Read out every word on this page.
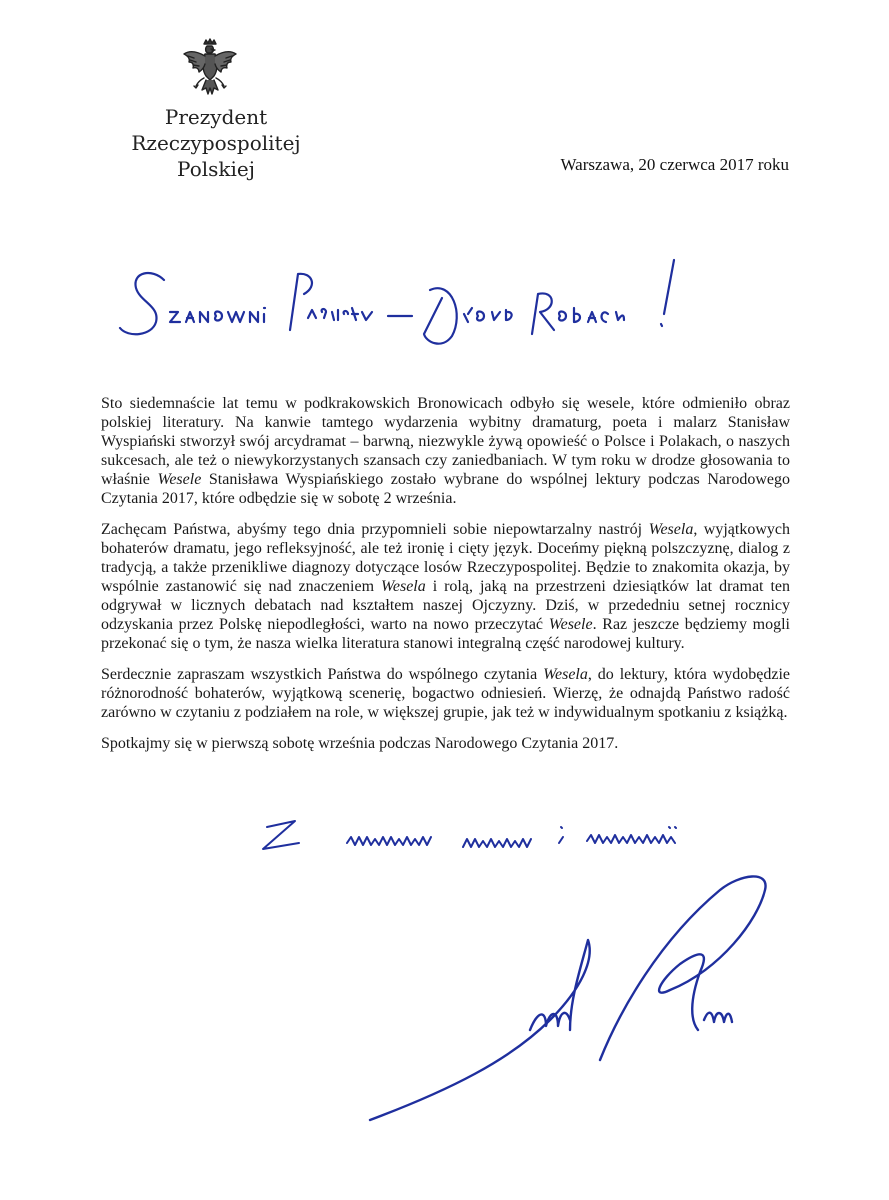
Prezydent
Rzeczypospolitej Polskiej	Warszawa, 20 czerwca 2017 roku

Sto siedemnaście lat temu w podkrakowskich Bronowicach odbyło się wesele, które odmieniło obraz polskiej literatury. Na kanwie tamtego wydarzenia wybitny dramaturg, poeta i malarz Stanisław Wyspiański stworzył swój arcydramat – barwną, niezwykle żywą opowieść o Polsce i Polakach, o naszych sukcesach, ale też o niewykorzystanych szansach czy zaniedbaniach. W tym roku w drodze głosowania to właśnie Wesele Stanisława Wyspiańskiego zostało wybrane do wspólnej lektury podczas Narodowego Czytania 2017, które odbędzie się w sobotę 2 września.

Zachęcam Państwa, abyśmy tego dnia przypomnieli sobie niepowtarzalny nastrój Wesela, wyjątkowych bohaterów dramatu, jego refleksyjność, ale też ironię i cięty język. Doceńmy piękną polszczyznę, dialog z tradycją, a także przenikliwe diagnozy dotyczące losów Rzeczypospolitej. Będzie to znakomita okazja, by wspólnie zastanowić się nad znaczeniem Wesela i rolą, jaką na przestrzeni dziesiątków lat dramat ten odgrywał w licznych debatach nad kształtem naszej Ojczyzny. Dziś, w przededniu setnej rocznicy odzyskania przez Polskę niepodległości, warto na nowo przeczytać Wesele. Raz jeszcze będziemy mogli przekonać się o tym, że nasza wielka literatura stanowi integralną część narodowej kultury.

Serdecznie zapraszam wszystkich Państwa do wspólnego czytania Wesela, do lektury, która wydobędzie różnorodność bohaterów, wyjątkową scenerię, bogactwo odniesień. Wierzę, że odnajdą Państwo radość zarówno w czytaniu z podziałem na role, w większej grupie, jak też w indywidualnym spotkaniu z książką.

Spotkajmy się w pierwszą sobotę września podczas Narodowego Czytania 2017.
